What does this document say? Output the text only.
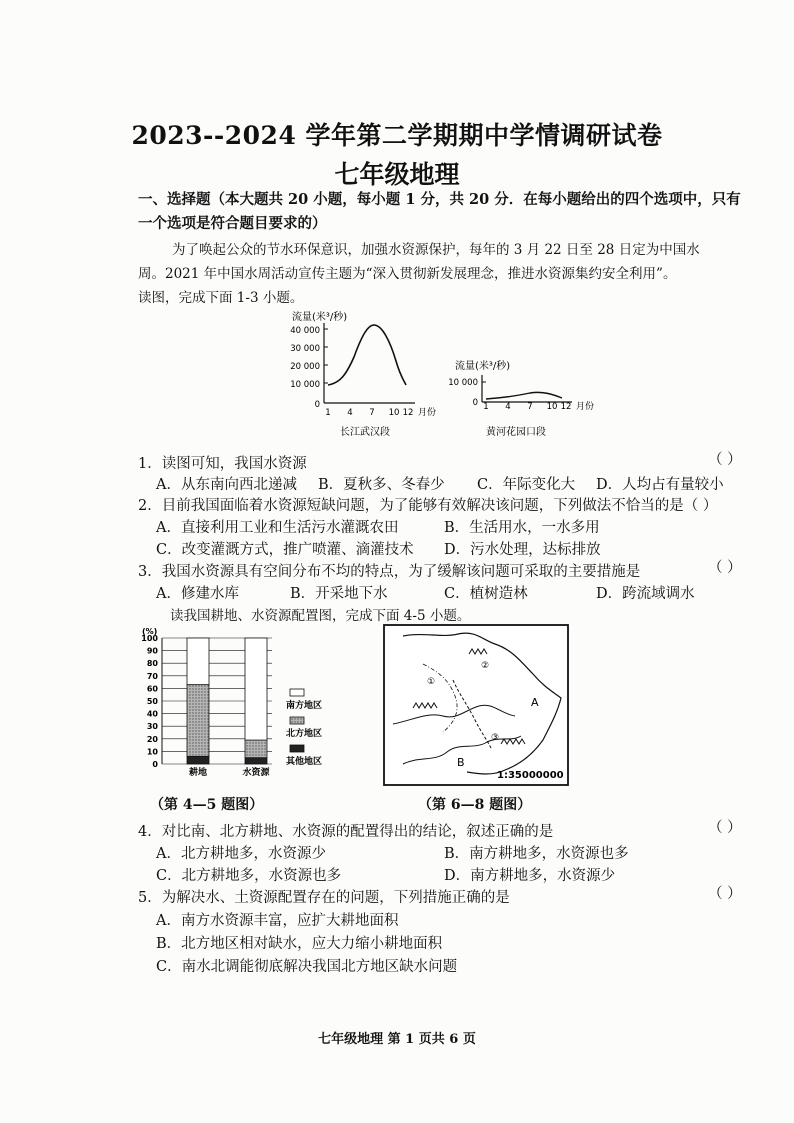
2023--2024 学年第二学期期中学情调研试卷
七年级地理
一、选择题（本大题共 20 小题，每小题 1 分，共 20 分．在每小题给出的四个选项中，只有
一个选项是符合题目要求的）
为了唤起公众的节水环保意识，加强水资源保护，每年的 3 月 22 日至 28 日定为中国水
周。2021 年中国水周活动宣传主题为“深入贯彻新发展理念，推进水资源集约安全利用”。
读图，完成下面 1-3 小题。
流量(米³/秒)
40 000
30 000
20 000
10 000
0
1 4 7 10 12 月份
长江武汉段
流量(米³/秒)
10 000
0 1 4 7 10 12 月份
黄河花园口段
1．读图可知，我国水资源	（ ）
A．从东南向西北递减 B．夏秋多、冬春少 C．年际变化大 D．人均占有量较小
2．目前我国面临着水资源短缺问题，为了能够有效解决该问题，下列做法不恰当的是（ ）
A．直接利用工业和生活污水灌溉农田	B．生活用水，一水多用
C．改变灌溉方式，推广喷灌、滴灌技术 D．污水处理，达标排放
3．我国水资源具有空间分布不均的特点，为了缓解该问题可采取的主要措施是	（ ）
A．修建水库	B．开采地下水	C．植树造林	D．跨流域调水
读我国耕地、水资源配置图，完成下面 4-5 小题。
(%)
100
90
80
70
60
50
40
30
20
10
0
耕地	水资源
南方地区
北方地区
其他地区
A
B
①
②
③
1:35000000
（第 4—5 题图）	（第 6—8 题图）
4．对比南、北方耕地、水资源的配置得出的结论，叙述正确的是	（ ）
A．北方耕地多，水资源少	B．南方耕地多，水资源也多
C．北方耕地多，水资源也多	D．南方耕地多，水资源少
5．为解决水、土资源配置存在的问题，下列措施正确的是	（ ）
A．南方水资源丰富，应扩大耕地面积
B．北方地区相对缺水，应大力缩小耕地面积
C．南水北调能彻底解决我国北方地区缺水问题
七年级地理 第 1 页共 6 页
